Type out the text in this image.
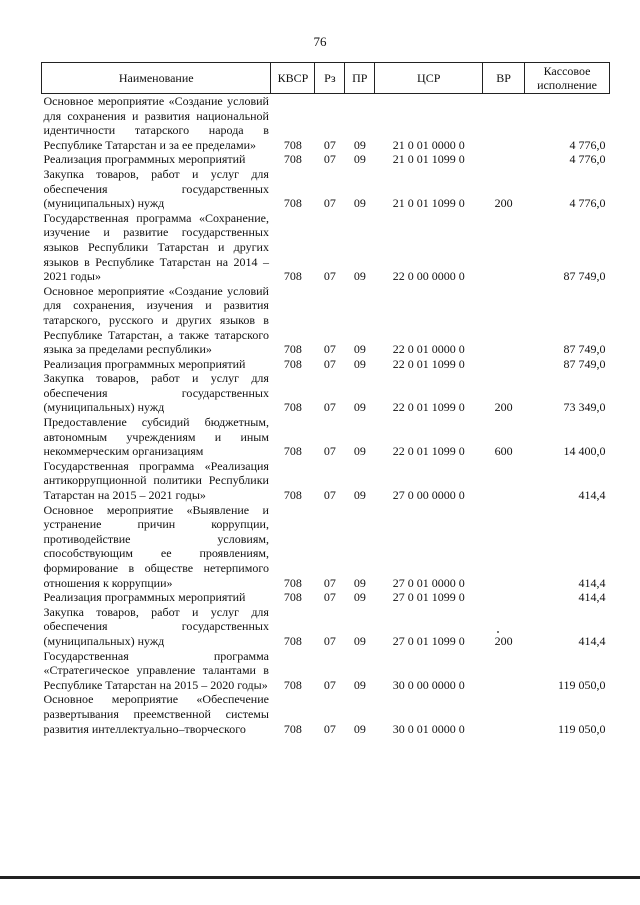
76
Наименование	КВСР	Рз	ПР	ЦСР	ВР	Кассовое исполнение
Основное мероприятие «Создание условий для сохранения и развития национальной идентичности татарского народа в Республике Татарстан и за ее пределами»	708	07	09	21 0 01 0000 0		4 776,0
Реализация программных мероприятий	708	07	09	21 0 01 1099 0		4 776,0
Закупка товаров, работ и услуг для обеспечения государственных (муниципальных) нужд	708	07	09	21 0 01 1099 0	200	4 776,0
Государственная программа «Сохранение, изучение и развитие государственных языков Республики Татарстан и других языков в Республике Татарстан на 2014 – 2021 годы»	708	07	09	22 0 00 0000 0		87 749,0
Основное мероприятие «Создание условий для сохранения, изучения и развития татарского, русского и других языков в Республике Татарстан, а также татарского языка за пределами республики»	708	07	09	22 0 01 0000 0		87 749,0
Реализация программных мероприятий	708	07	09	22 0 01 1099 0		87 749,0
Закупка товаров, работ и услуг для обеспечения государственных (муниципальных) нужд	708	07	09	22 0 01 1099 0	200	73 349,0
Предоставление субсидий бюджетным, автономным учреждениям и иным некоммерческим организациям	708	07	09	22 0 01 1099 0	600	14 400,0
Государственная программа «Реализация антикоррупционной политики Республики Татарстан на 2015 – 2021 годы»	708	07	09	27 0 00 0000 0		414,4
Основное мероприятие «Выявление и устранение причин коррупции, противодействие условиям, способствующим ее проявлениям, формирование в обществе нетерпимого отношения к коррупции»	708	07	09	27 0 01 0000 0		414,4
Реализация программных мероприятий	708	07	09	27 0 01 1099 0		414,4
Закупка товаров, работ и услуг для обеспечения государственных (муниципальных) нужд	708	07	09	27 0 01 1099 0	200	414,4
Государственная программа «Стратегическое управление талантами в Республике Татарстан на 2015 – 2020 годы»	708	07	09	30 0 00 0000 0		119 050,0
Основное мероприятие «Обеспечение развертывания преемственной системы развития интеллектуально–творческого	708	07	09	30 0 01 0000 0		119 050,0
